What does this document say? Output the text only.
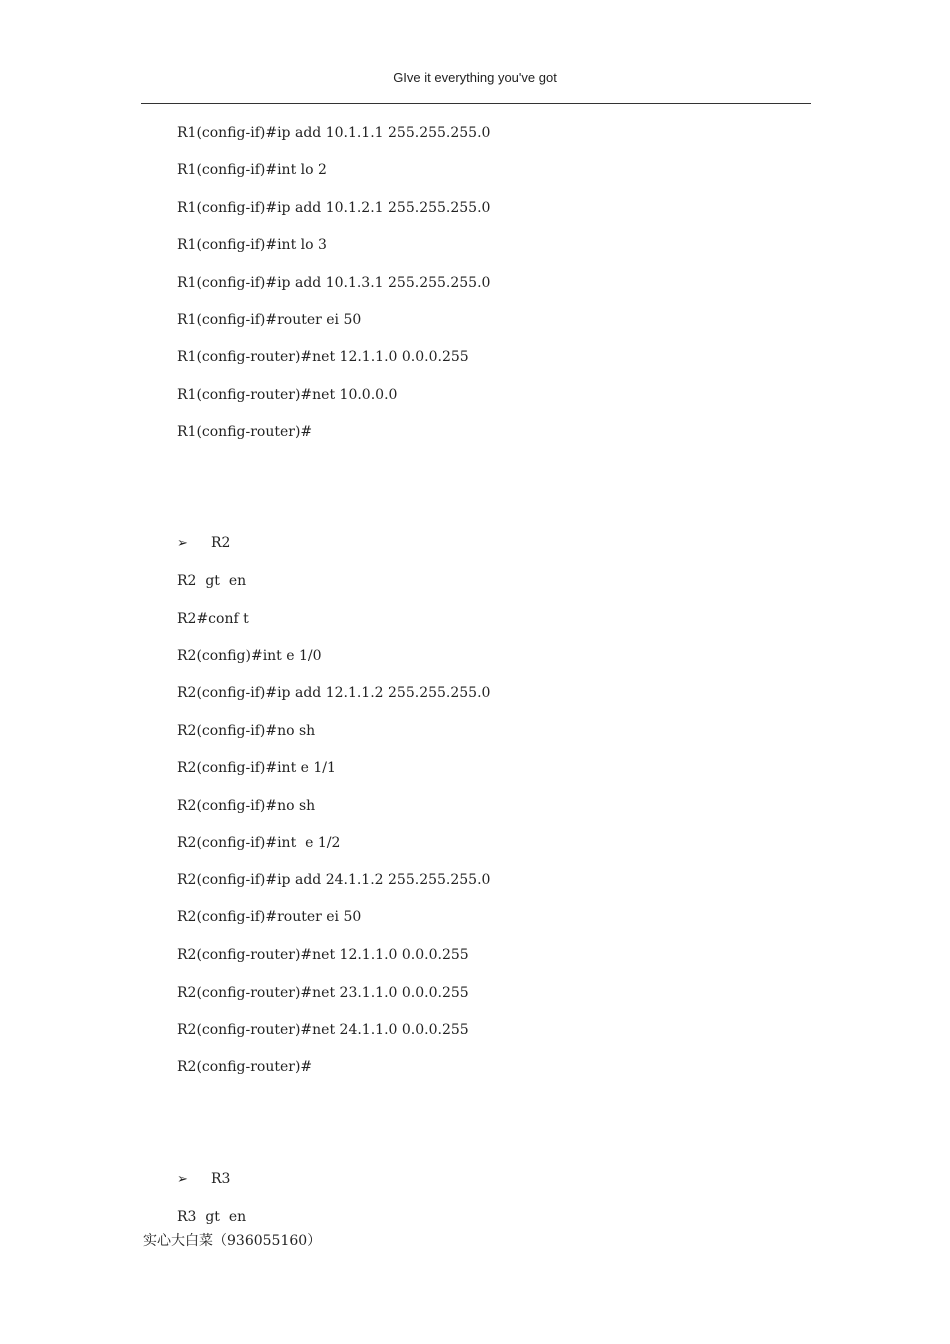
GIve it everything you've got
R1(config-if)#ip add 10.1.1.1 255.255.255.0
R1(config-if)#int lo 2
R1(config-if)#ip add 10.1.2.1 255.255.255.0
R1(config-if)#int lo 3
R1(config-if)#ip add 10.1.3.1 255.255.255.0
R1(config-if)#router ei 50
R1(config-router)#net 12.1.1.0 0.0.0.255
R1(config-router)#net 10.0.0.0
R1(config-router)#
➢ R2
R2  gt  en
R2#conf t
R2(config)#int e 1/0
R2(config-if)#ip add 12.1.1.2 255.255.255.0
R2(config-if)#no sh
R2(config-if)#int e 1/1
R2(config-if)#no sh
R2(config-if)#int  e 1/2
R2(config-if)#ip add 24.1.1.2 255.255.255.0
R2(config-if)#router ei 50
R2(config-router)#net 12.1.1.0 0.0.0.255
R2(config-router)#net 23.1.1.0 0.0.0.255
R2(config-router)#net 24.1.1.0 0.0.0.255
R2(config-router)#
➢ R3
R3  gt  en
实心大白菜（936055160）
